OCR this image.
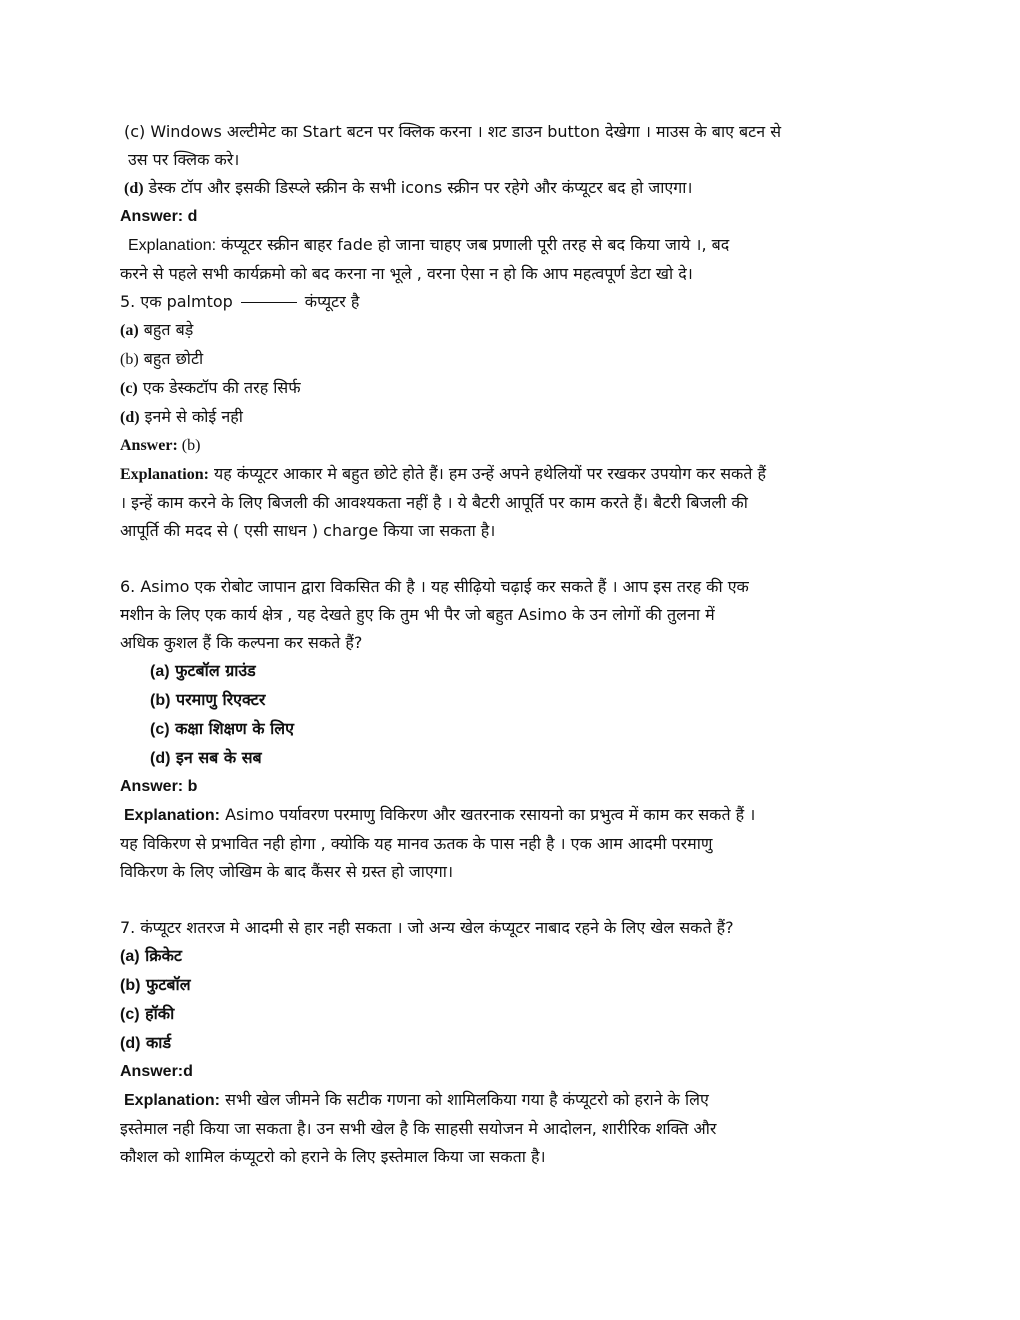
(c) Windows अल्टीमेट का Start बटन पर क्लिक करना । शट डाउन button देखेगा । माउस के बाए बटन से
उस पर क्लिक करे।
(d) डेस्क टॉप और इसकी डिस्प्ले स्क्रीन के सभी icons स्क्रीन पर रहेगे और कंप्यूटर बद हो जाएगा।
Answer: d
Explanation: कंप्यूटर स्क्रीन बाहर fade हो जाना चाहए जब प्रणाली पूरी तरह से बद किया जाये ।, बद
करने से पहले सभी कार्यक्रमो को बद करना ना भूले , वरना ऐसा न हो कि आप महत्वपूर्ण डेटा खो दे।
5. एक palmtop	कंप्यूटर है
(a) बहुत बड़े
(b) बहुत छोटी
(c) एक डेस्कटॉप की तरह सिर्फ
(d) इनमे से कोई नही
Answer: (b)
Explanation: यह कंप्यूटर आकार मे बहुत छोटे होते हैं। हम उन्हें अपने हथेलियों पर रखकर उपयोग कर सकते हैं
। इन्हें काम करने के लिए बिजली की आवश्यकता नहीं है । ये बैटरी आपूर्ति पर काम करते हैं। बैटरी बिजली की
आपूर्ति की मदद से ( एसी साधन ) charge किया जा सकता है।
6. Asimo एक रोबोट जापान द्वारा विकसित की है । यह सीढ़ियो चढ़ाई कर सकते हैं । आप इस तरह की एक
मशीन के लिए एक कार्य क्षेत्र , यह देखते हुए कि तुम भी पैर जो बहुत Asimo के उन लोगों की तुलना में
अधिक कुशल हैं कि कल्पना कर सकते हैं?
(a) फुटबॉल ग्राउंड
(b) परमाणु रिएक्टर
(c) कक्षा शिक्षण के लिए
(d) इन सब के सब
Answer: b
Explanation: Asimo पर्यावरण परमाणु विकिरण और खतरनाक रसायनो का प्रभुत्व में काम कर सकते हैं ।
यह विकिरण से प्रभावित नही होगा , क्योकि यह मानव ऊतक के पास नही है । एक आम आदमी परमाणु
विकिरण के लिए जोखिम के बाद कैंसर से ग्रस्त हो जाएगा।
7. कंप्यूटर शतरज मे आदमी से हार नही सकता । जो अन्य खेल कंप्यूटर नाबाद रहने के लिए खेल सकते हैं?
(a) क्रिकेट
(b) फुटबॉल
(c) हॉकी
(d) कार्ड
Answer:d
Explanation: सभी खेल जीमने कि सटीक गणना को शामिलकिया गया है कंप्यूटरो को हराने के लिए
इस्तेमाल नही किया जा सकता है। उन सभी खेल है कि साहसी सयोजन मे आदोलन, शारीरिक शक्ति और
कौशल को शामिल कंप्यूटरो को हराने के लिए इस्तेमाल किया जा सकता है।
